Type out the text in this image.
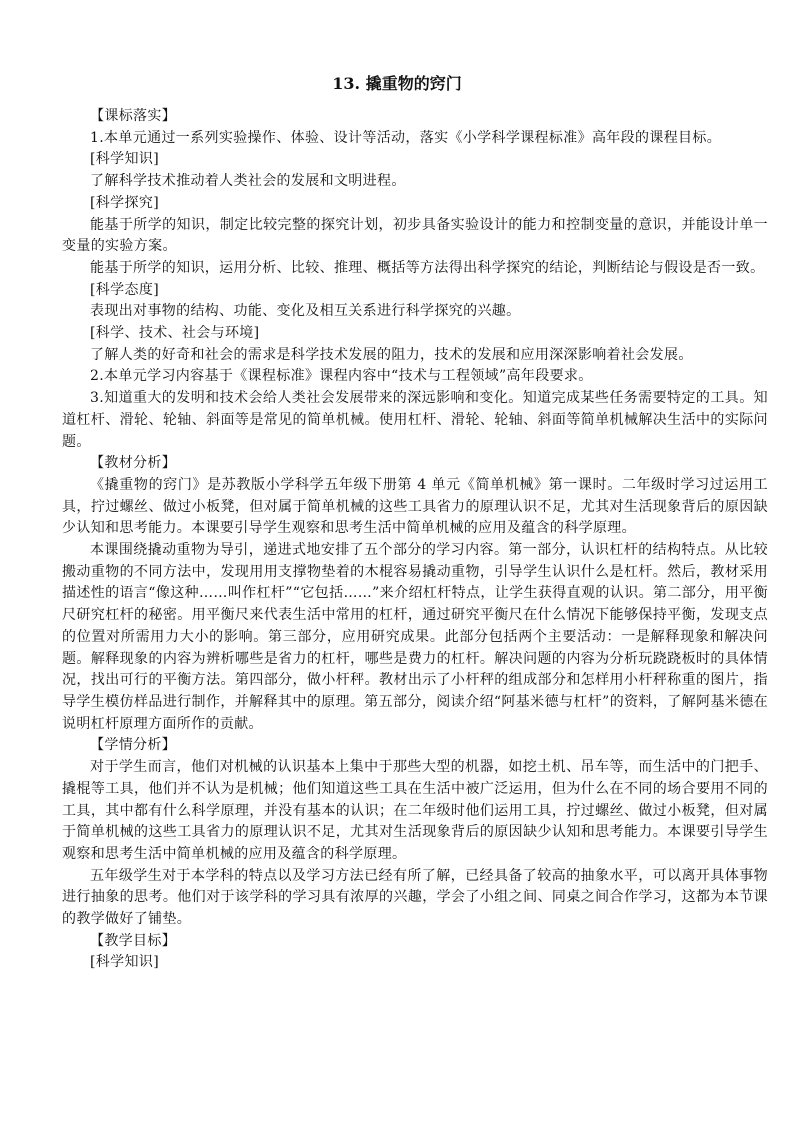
13. 撬重物的窍门

【课标落实】

1.本单元通过一系列实验操作、体验、设计等活动，落实《小学科学课程标准》高年段的课程目标。

[科学知识]

了解科学技术推动着人类社会的发展和文明进程。

[科学探究]

能基于所学的知识，制定比较完整的探究计划，初步具备实验设计的能力和控制变量的意识，并能设计单一变量的实验方案。

能基于所学的知识，运用分析、比较、推理、概括等方法得出科学探究的结论，判断结论与假设是否一致。

[科学态度]

表现出对事物的结构、功能、变化及相互关系进行科学探究的兴趣。

[科学、技术、社会与环境]

了解人类的好奇和社会的需求是科学技术发展的阻力，技术的发展和应用深深影响着社会发展。

2.本单元学习内容基于《课程标准》课程内容中“技术与工程领域”高年段要求。

3.知道重大的发明和技术会给人类社会发展带来的深远影响和变化。知道完成某些任务需要特定的工具。知道杠杆、滑轮、轮轴、斜面等是常见的简单机械。使用杠杆、滑轮、轮轴、斜面等简单机械解决生活中的实际问题。

【教材分析】

《撬重物的窍门》是苏教版小学科学五年级下册第 4 单元《简单机械》第一课时。二年级时学习过运用工具，拧过螺丝、做过小板凳，但对属于简单机械的这些工具省力的原理认识不足，尤其对生活现象背后的原因缺少认知和思考能力。本课要引导学生观察和思考生活中简单机械的应用及蕴含的科学原理。

本课围绕撬动重物为导引，递进式地安排了五个部分的学习内容。第一部分，认识杠杆的结构特点。从比较搬动重物的不同方法中，发现用用支撑物垫着的木棍容易撬动重物，引导学生认识什么是杠杆。然后，教材采用描述性的语言“像这种……叫作杠杆”“它包括……”来介绍杠杆特点，让学生获得直观的认识。第二部分，用平衡尺研究杠杆的秘密。用平衡尺来代表生活中常用的杠杆，通过研究平衡尺在什么情况下能够保持平衡，发现支点的位置对所需用力大小的影响。第三部分，应用研究成果。此部分包括两个主要活动：一是解释现象和解决问题。解释现象的内容为辨析哪些是省力的杠杆，哪些是费力的杠杆。解决问题的内容为分析玩跷跷板时的具体情况，找出可行的平衡方法。第四部分，做小杆秤。教材出示了小杆秤的组成部分和怎样用小杆秤称重的图片，指导学生模仿样品进行制作，并解释其中的原理。第五部分，阅读介绍“阿基米德与杠杆”的资料，了解阿基米德在说明杠杆原理方面所作的贡献。

【学情分析】

对于学生而言，他们对机械的认识基本上集中于那些大型的机器，如挖土机、吊车等，而生活中的门把手、撬棍等工具，他们并不认为是机械；他们知道这些工具在生活中被广泛运用，但为什么在不同的场合要用不同的工具，其中都有什么科学原理，并没有基本的认识；在二年级时他们运用工具，拧过螺丝、做过小板凳，但对属于简单机械的这些工具省力的原理认识不足，尤其对生活现象背后的原因缺少认知和思考能力。本课要引导学生观察和思考生活中简单机械的应用及蕴含的科学原理。

五年级学生对于本学科的特点以及学习方法已经有所了解，已经具备了较高的抽象水平，可以离开具体事物进行抽象的思考。他们对于该学科的学习具有浓厚的兴趣，学会了小组之间、同桌之间合作学习，这都为本节课的教学做好了铺垫。

【教学目标】

[科学知识]
